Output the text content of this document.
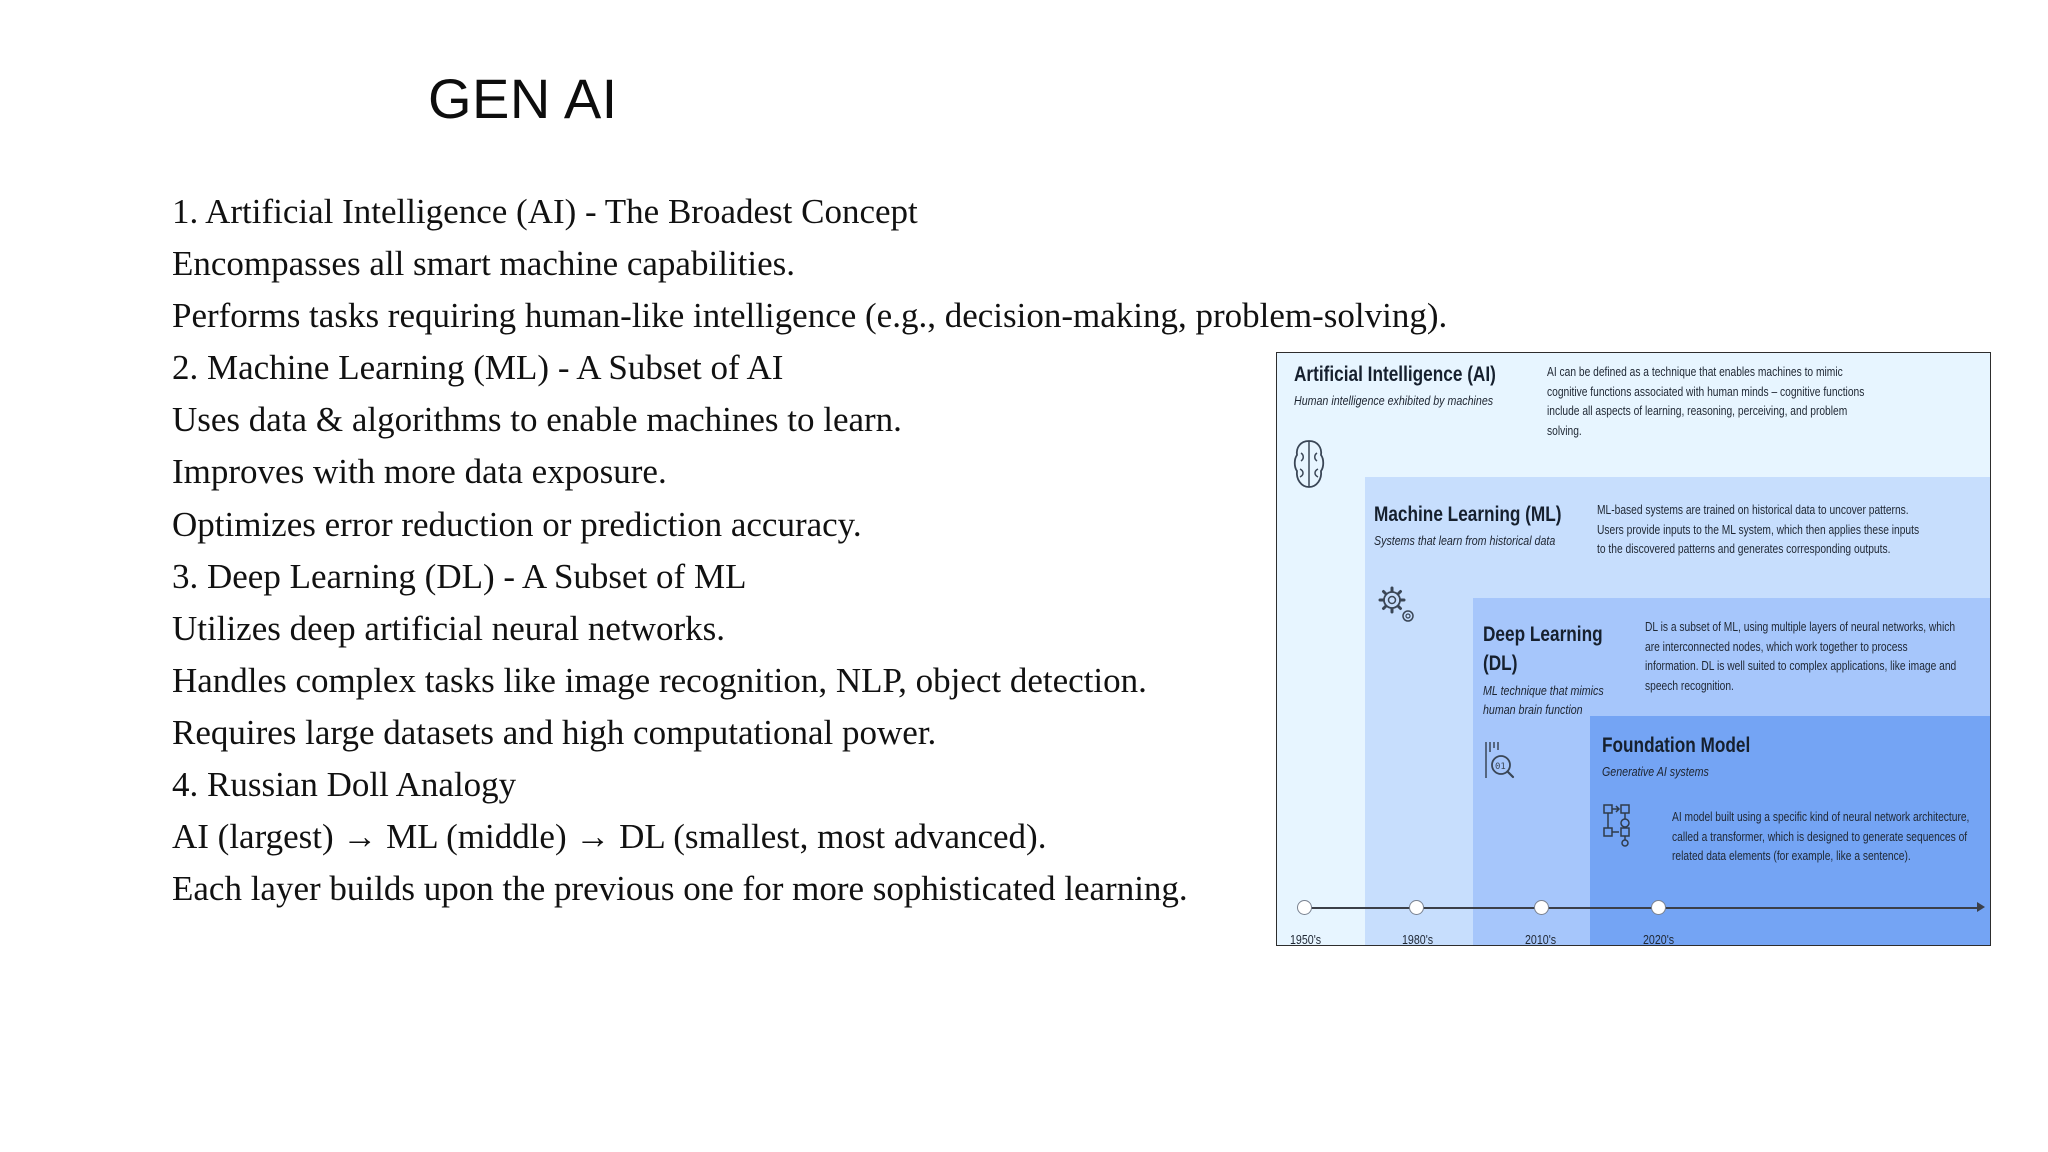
GEN AI
1. Artificial Intelligence (AI) - The Broadest Concept
Encompasses all smart machine capabilities.
Performs tasks requiring human-like intelligence (e.g., decision-making, problem-solving).
2. Machine Learning (ML) - A Subset of AI
Uses data & algorithms to enable machines to learn.
Improves with more data exposure.
Optimizes error reduction or prediction accuracy.
3. Deep Learning (DL) - A Subset of ML
Utilizes deep artificial neural networks.
Handles complex tasks like image recognition, NLP, object detection.
Requires large datasets and high computational power.
4. Russian Doll Analogy
AI (largest) → ML (middle) → DL (smallest, most advanced).
Each layer builds upon the previous one for more sophisticated learning.
Artificial Intelligence (AI)
Human intelligence exhibited by machines
AI can be defined as a technique that enables machines to mimic cognitive functions associated with human minds – cognitive functions include all aspects of learning, reasoning, perceiving, and problem solving.
Machine Learning (ML)
Systems that learn from historical data
ML-based systems are trained on historical data to uncover patterns. Users provide inputs to the ML system, which then applies these inputs to the discovered patterns and generates corresponding outputs.
Deep Learning
(DL)
ML technique that mimics
human brain function
DL is a subset of ML, using multiple layers of neural networks, which are interconnected nodes, which work together to process information. DL is well suited to complex applications, like image and speech recognition.
01
Foundation Model
Generative AI systems
AI model built using a specific kind of neural network architecture, called a transformer, which is designed to generate sequences of related data elements (for example, like a sentence).
1950's	1980's	2010's	2020's
